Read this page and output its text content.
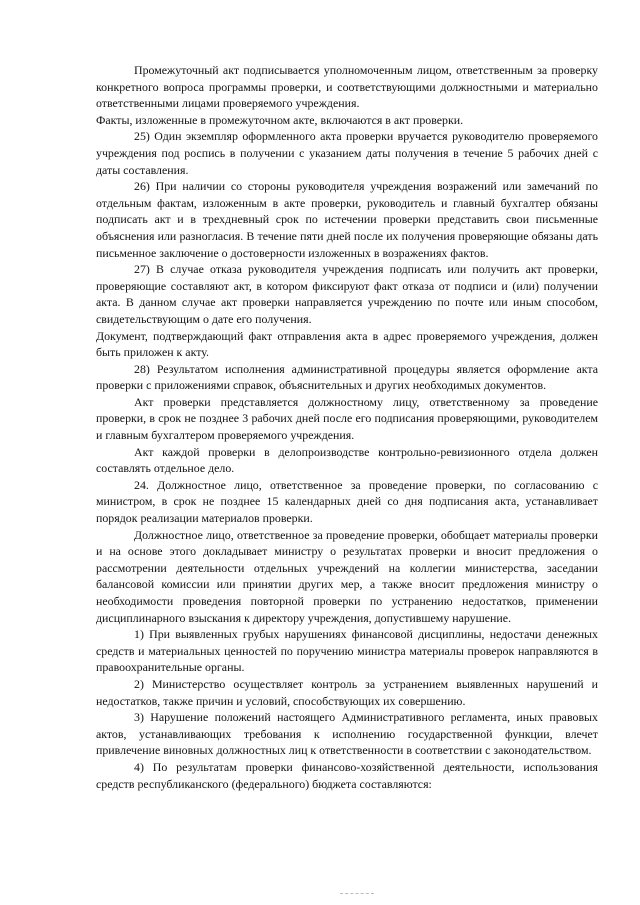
Промежуточный акт подписывается уполномоченным лицом, ответственным за проверку конкретного вопроса программы проверки, и соответствующими должностными и материально ответственными лицами проверяемого учреждения.

Факты, изложенные в промежуточном акте, включаются в акт проверки.

25) Один экземпляр оформленного акта проверки вручается руководителю проверяемого учреждения под роспись в получении с указанием даты получения в течение 5 рабочих дней с даты составления.

26) При наличии со стороны руководителя учреждения возражений или замечаний по отдельным фактам, изложенным в акте проверки, руководитель и главный бухгалтер обязаны подписать акт и в трехдневный срок по истечении проверки представить свои письменные объяснения или разногласия. В течение пяти дней после их получения проверяющие обязаны дать письменное заключение о достоверности изложенных в возражениях фактов.

27) В случае отказа руководителя учреждения подписать или получить акт проверки, проверяющие составляют акт, в котором фиксируют факт отказа от подписи и (или) получении акта. В данном случае акт проверки направляется учреждению по почте или иным способом, свидетельствующим о дате его получения.

Документ, подтверждающий факт отправления акта в адрес проверяемого учреждения, должен быть приложен к акту.

28) Результатом исполнения административной процедуры является оформление акта проверки с приложениями справок, объяснительных и других необходимых документов.

Акт проверки представляется должностному лицу, ответственному за проведение проверки, в срок не позднее 3 рабочих дней после его подписания проверяющими, руководителем и главным бухгалтером проверяемого учреждения.

Акт каждой проверки в делопроизводстве контрольно-ревизионного отдела должен составлять отдельное дело.

24. Должностное лицо, ответственное за проведение проверки, по согласованию с министром, в срок не позднее 15 календарных дней со дня подписания акта, устанавливает порядок реализации материалов проверки.

Должностное лицо, ответственное за проведение проверки, обобщает материалы проверки и на основе этого докладывает министру о результатах проверки и вносит предложения о рассмотрении деятельности отдельных учреждений на коллегии министерства, заседании балансовой комиссии или принятии других мер, а также вносит предложения министру о необходимости проведения повторной проверки по устранению недостатков, применении дисциплинарного взыскания к директору учреждения, допустившему нарушение.

1) При выявленных грубых нарушениях финансовой дисциплины, недостачи денежных средств и материальных ценностей по поручению министра материалы проверок направляются в правоохранительные органы.

2) Министерство осуществляет контроль за устранением выявленных нарушений и недостатков, также причин и условий, способствующих их совершению.

3) Нарушение положений настоящего Административного регламента, иных правовых актов, устанавливающих требования к исполнению государственной функции, влечет привлечение виновных должностных лиц к ответственности в соответствии с законодательством.

4) По результатам проверки финансово-хозяйственной деятельности, использования средств республиканского (федерального) бюджета составляются:
